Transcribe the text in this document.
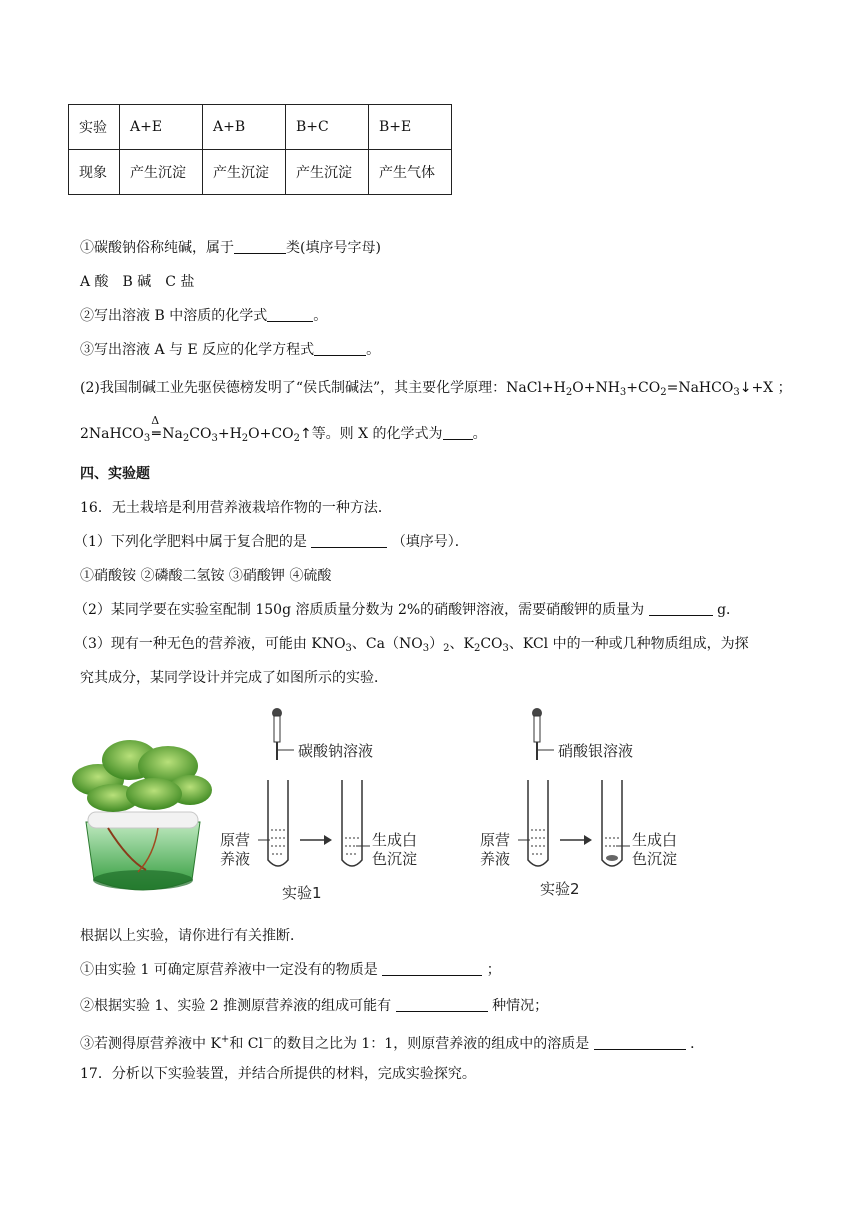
实验	A+E	A+B	B+C	B+E
现象	产生沉淀	产生沉淀	产生沉淀	产生气体
①碳酸钠俗称纯碱，属于	类(填序号字母)
A 酸　B 碱　C 盐
②写出溶液 B 中溶质的化学式	。
③写出溶液 A 与 E 反应的化学方程式	。
(2)我国制碱工业先驱侯德榜发明了“侯氏制碱法”，其主要化学原理：$NaCl+H_2O+NH_3+CO_2=NaHCO_3↓+X$ ；
2NaHCO$_3$
Δ
═ $Na_2CO_3+H_2O+CO_2↑$等。则 X 的化学式为 。
四、实验题
16．无土栽培是利用营养液栽培作物的一种方法．
（1）下列化学肥料中属于复合肥的是	（填序号）．
①硝酸铵 ②磷酸二氢铵 ③硝酸钾 ④硫酸
（2）某同学要在实验室配制 150g 溶质质量分数为 2%的硝酸钾溶液，需要硝酸钾的质量为	g．
（3）现有一种无色的营养液，可能由 $KNO_3$、$Ca(NO_3)_2$、$K_2CO_3$、KCl 中的一种或几种物质组成，为探
究其成分，某同学设计并完成了如图所示的实验．
碳酸钠溶液
原营
养液
生成白
色沉淀
实验1
硝酸银溶液
原营
养液
生成白
色沉淀
实验2
根据以上实验，请你进行有关推断．
①由实验 1 可确定原营养液中一定没有的物质是	；
②根据实验 1、实验 2 推测原营养液的组成可能有	种情况；
③若测得原营养液中 K+和 Cl－的数目之比为 1：1，则原营养液的组成中的溶质是	．
17．分析以下实验装置，并结合所提供的材料，完成实验探究。
